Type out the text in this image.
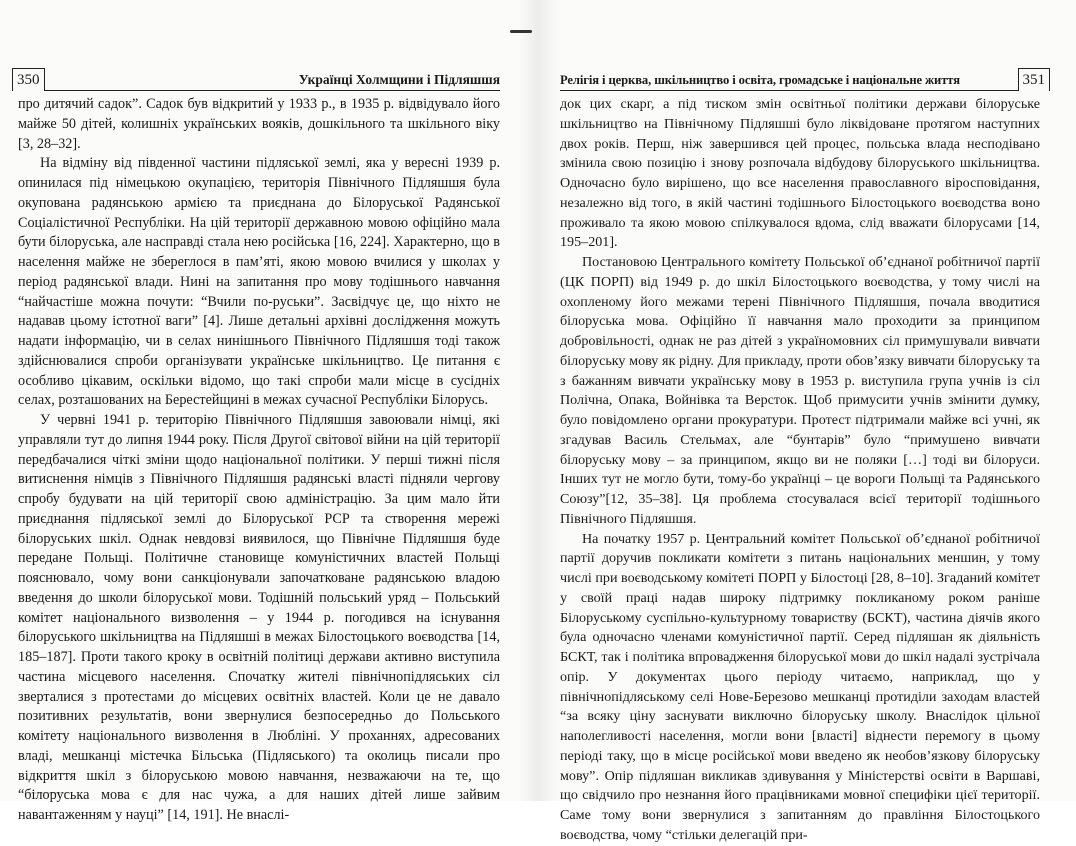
350	Українці Холмщини і Підляшшя

про дитячий садок”. Садок був відкритий у 1933 р., в 1935 р. відвідувало його майже 50 дітей, колишніх українських вояків, дошкільного та шкільного віку [3, 28–32].

На відміну від південної частини підляської землі, яка у вересні 1939 р. опинилася під німецькою окупацією, територія Північного Підляшшя була окупована радянською армією та приєднана до Білоруської Радянської Соціалістичної Республіки. На цій території державною мовою офіційно мала бути білоруська, але насправді стала нею російська [16, 224]. Характерно, що в населення майже не збереглося в пам’яті, якою мовою вчилися у школах у період радянської влади. Нині на запитання про мову тодішнього навчання “найчастіше можна почути: “Вчили по-руськи”. Засвідчує це, що ніхто не надавав цьому істотної ваги” [4]. Лише детальні архівні дослідження можуть надати інформацію, чи в селах нинішнього Північного Підляшшя тоді також здійснювалися спроби організувати українське шкільництво. Це питання є особливо цікавим, оскільки відомо, що такі спроби мали місце в сусідніх селах, розташованих на Берестейщині в межах сучасної Республіки Білорусь.

У червні 1941 р. територію Північного Підляшшя завоювали німці, які управляли тут до липня 1944 року. Після Другої світової війни на цій території передбачалися чіткі зміни щодо національної політики. У перші тижні після витиснення німців з Північного Підляшшя радянські власті підняли чергову спробу будувати на цій території свою адміністрацію. За цим мало йти приєднання підляської землі до Білоруської РСР та створення мережі білоруських шкіл. Однак невдовзі виявилося, що Північне Підляшшя буде передане Польщі. Політичне становище комуністичних властей Польщі пояснювало, чому вони санкціонували започатковане радянською владою введення до школи білоруської мови. Тодішній польський уряд – Польський комітет національного визволення – у 1944 р. погодився на існування білоруського шкільництва на Підляшші в межах Білостоцького воєводства [14, 185–187]. Проти такого кроку в освітній політиці держави активно виступила частина місцевого населення. Спочатку жителі північнопідляських сіл зверталися з протестами до місцевих освітніх властей. Коли це не давало позитивних результатів, вони звернулися безпосередньо до Польського комітету національного визволення в Любліні. У проханнях, адресованих владі, мешканці містечка Більська (Підляського) та околиць писали про відкриття шкіл з білоруською мовою навчання, незважаючи на те, що “білоруська мова є для нас чужа, а для наших дітей лише зайвим навантаженням у науці” [14, 191]. Не внаслі-

Релігія і церква, шкільництво і освіта, громадське і національне життя	351

док цих скарг, а під тиском змін освітньої політики держави білоруське шкільництво на Північному Підляшші було ліквідоване протягом наступних двох років. Перш, ніж завершився цей процес, польська влада несподівано змінила свою позицію і знову розпочала відбудову білоруського шкільництва. Одночасно було вирішено, що все населення православного віросповідання, незалежно від того, в якій частині тодішнього Білостоцького воєводства воно проживало та якою мовою спілкувалося вдома, слід вважати білорусами [14, 195–201].

Постановою Центрального комітету Польської об’єднаної робітничої партії (ЦК ПОРП) від 1949 р. до шкіл Білостоцького воєводства, у тому числі на охопленому його межами терені Північного Підляшшя, почала вводитися білоруська мова. Офіційно її навчання мало проходити за принципом добровільності, однак не раз дітей з україномовних сіл примушували вивчати білоруську мову як рідну. Для прикладу, проти обов’язку вивчати білоруську та з бажанням вивчати українську мову в 1953 р. виступила група учнів із сіл Полічна, Опака, Войнівка та Версток. Щоб примусити учнів змінити думку, було повідомлено органи прокуратури. Протест підтримали майже всі учні, як згадував Василь Стельмах, але “бунтарів” було “примушено вивчати білоруську мову – за принципом, якщо ви не поляки […] тоді ви білоруси. Інших тут не могло бути, тому-бо українці – це вороги Польщі та Радянського Союзу”[12, 35–38]. Ця проблема стосувалася всієї території тодішнього Північного Підляшшя.

На початку 1957 р. Центральний комітет Польської об’єднаної робітничої партії доручив покликати комітети з питань національних меншин, у тому числі при воєводському комітеті ПОРП у Білостоці [28, 8–10]. Згаданий комітет у своїй праці надав широку підтримку покликаному роком раніше Білоруському суспільно-культурному товариству (БСКТ), частина діячів якого була одночасно членами комуністичної партії. Серед підляшан як діяльність БСКТ, так і політика впровадження білоруської мови до шкіл надалі зустрічала опір. У документах цього періоду читаємо, наприклад, що у північнопідляському селі Нове-Березово мешканці протиділи заходам властей “за всяку ціну заснувати виключно білоруську школу. Внаслідок цільної наполегливості населення, могли вони [власті] віднести перемогу в цьому періоді таку, що в місце російської мови введено як необов’язкову білоруську мову”. Опір підляшан викликав здивування у Міністерстві освіти в Варшаві, що свідчило про незнання його працівниками мовної специфіки цієї території. Саме тому вони звернулися з запитанням до правління Білостоцького воєводства, чому “стільки делегацій при-
